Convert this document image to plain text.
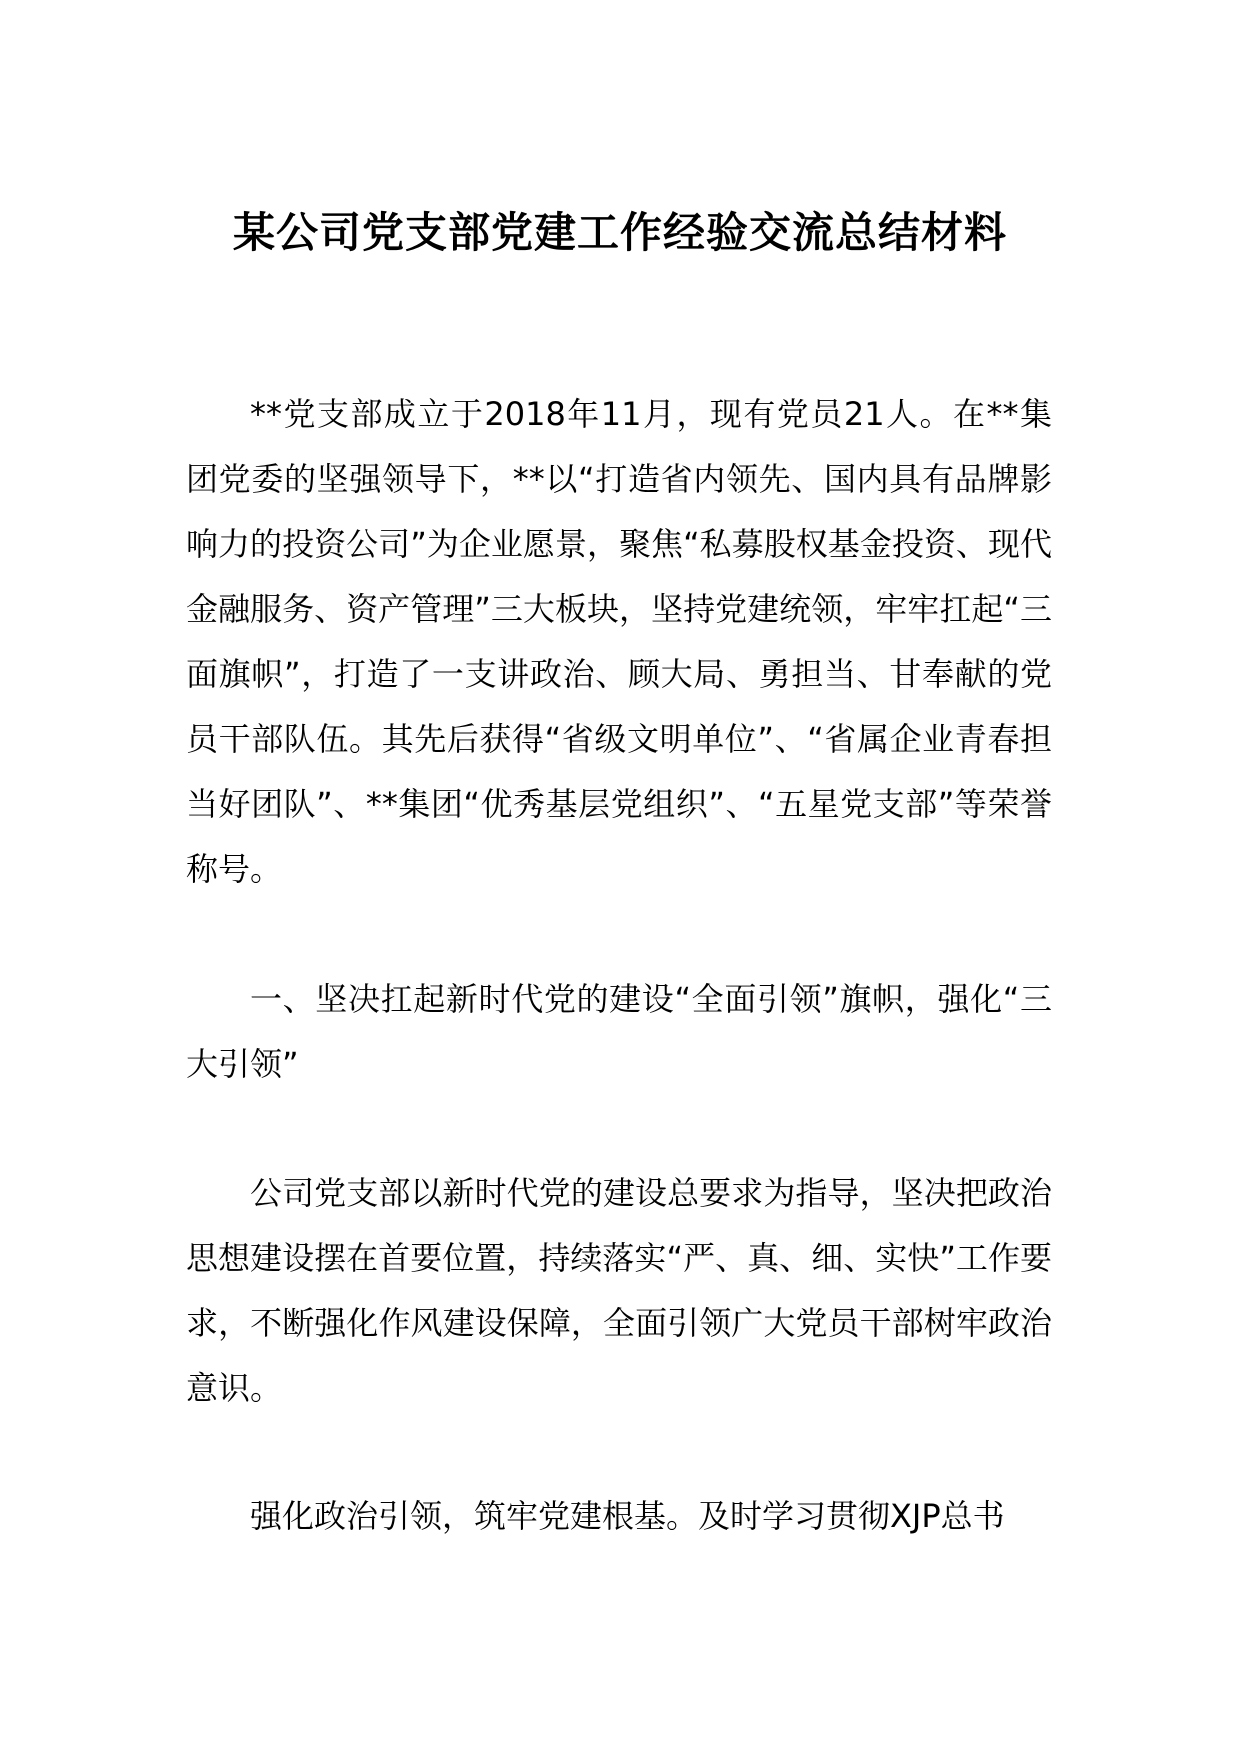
某公司党支部党建工作经验交流总结材料

**党支部成立于2018年11月，现有党员21人。在**集团党委的坚强领导下，**以“打造省内领先、国内具有品牌影响力的投资公司”为企业愿景，聚焦“私募股权基金投资、现代金融服务、资产管理”三大板块，坚持党建统领，牢牢扛起“三面旗帜”，打造了一支讲政治、顾大局、勇担当、甘奉献的党员干部队伍。其先后获得“省级文明单位”、“省属企业青春担当好团队”、**集团“优秀基层党组织”、“五星党支部”等荣誉称号。

一、坚决扛起新时代党的建设“全面引领”旗帜，强化“三大引领”

公司党支部以新时代党的建设总要求为指导，坚决把政治思想建设摆在首要位置，持续落实“严、真、细、实快”工作要求，不断强化作风建设保障，全面引领广大党员干部树牢政治意识。

强化政治引领，筑牢党建根基。及时学习贯彻XJP总书
